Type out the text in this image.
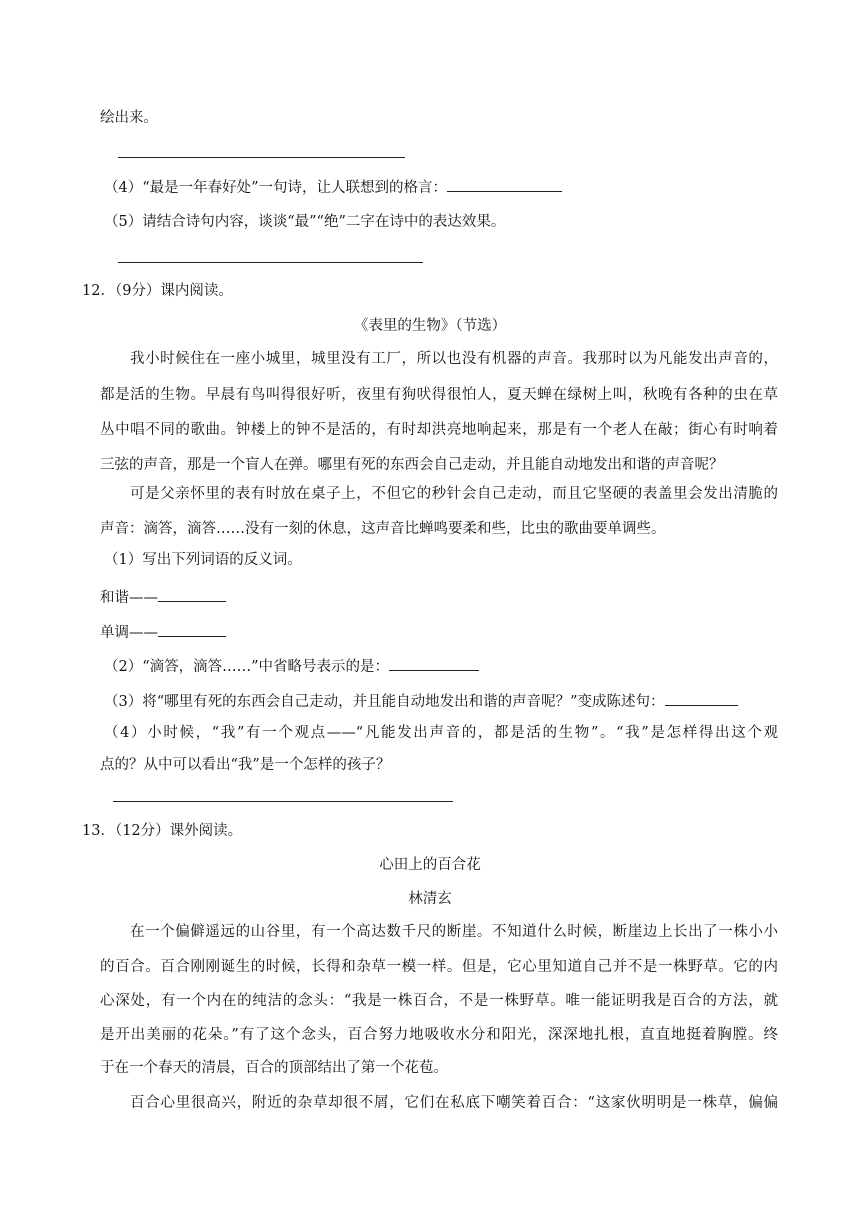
绘出来。
（4）“最是一年春好处”一句诗，让人联想到的格言：
（5）请结合诗句内容，谈谈“最”“绝”二字在诗中的表达效果。
12．（9分）课内阅读。
《表里的生物》（节选）
我小时候住在一座小城里，城里没有工厂，所以也没有机器的声音。我那时以为凡能发出声音的，
都是活的生物。早晨有鸟叫得很好听，夜里有狗吠得很怕人，夏天蝉在绿树上叫，秋晚有各种的虫在草
丛中唱不同的歌曲。钟楼上的钟不是活的，有时却洪亮地响起来，那是有一个老人在敲；街心有时响着
三弦的声音，那是一个盲人在弹。哪里有死的东西会自己走动，并且能自动地发出和谐的声音呢？
可是父亲怀里的表有时放在桌子上，不但它的秒针会自己走动，而且它坚硬的表盖里会发出清脆的
声音：滴答，滴答……没有一刻的休息，这声音比蝉鸣要柔和些，比虫的歌曲要单调些。
（1）写出下列词语的反义词。
和谐——
单调——
（2）“滴答，滴答……”中省略号表示的是：
（3）将“哪里有死的东西会自己走动，并且能自动地发出和谐的声音呢？”变成陈述句：
（4）小时候，“我”有一个观点——“凡能发出声音的，都是活的生物”。“我”是怎样得出这个观
点的？从中可以看出“我”是一个怎样的孩子？
13．（12分）课外阅读。
心田上的百合花
林清玄
在一个偏僻遥远的山谷里，有一个高达数千尺的断崖。不知道什么时候，断崖边上长出了一株小小
的百合。百合刚刚诞生的时候，长得和杂草一模一样。但是，它心里知道自己并不是一株野草。它的内
心深处，有一个内在的纯洁的念头：“我是一株百合，不是一株野草。唯一能证明我是百合的方法，就
是开出美丽的花朵。”有了这个念头，百合努力地吸收水分和阳光，深深地扎根，直直地挺着胸膛。终
于在一个春天的清晨，百合的顶部结出了第一个花苞。
百合心里很高兴，附近的杂草却很不屑，它们在私底下嘲笑着百合：“这家伙明明是一株草，偏偏
